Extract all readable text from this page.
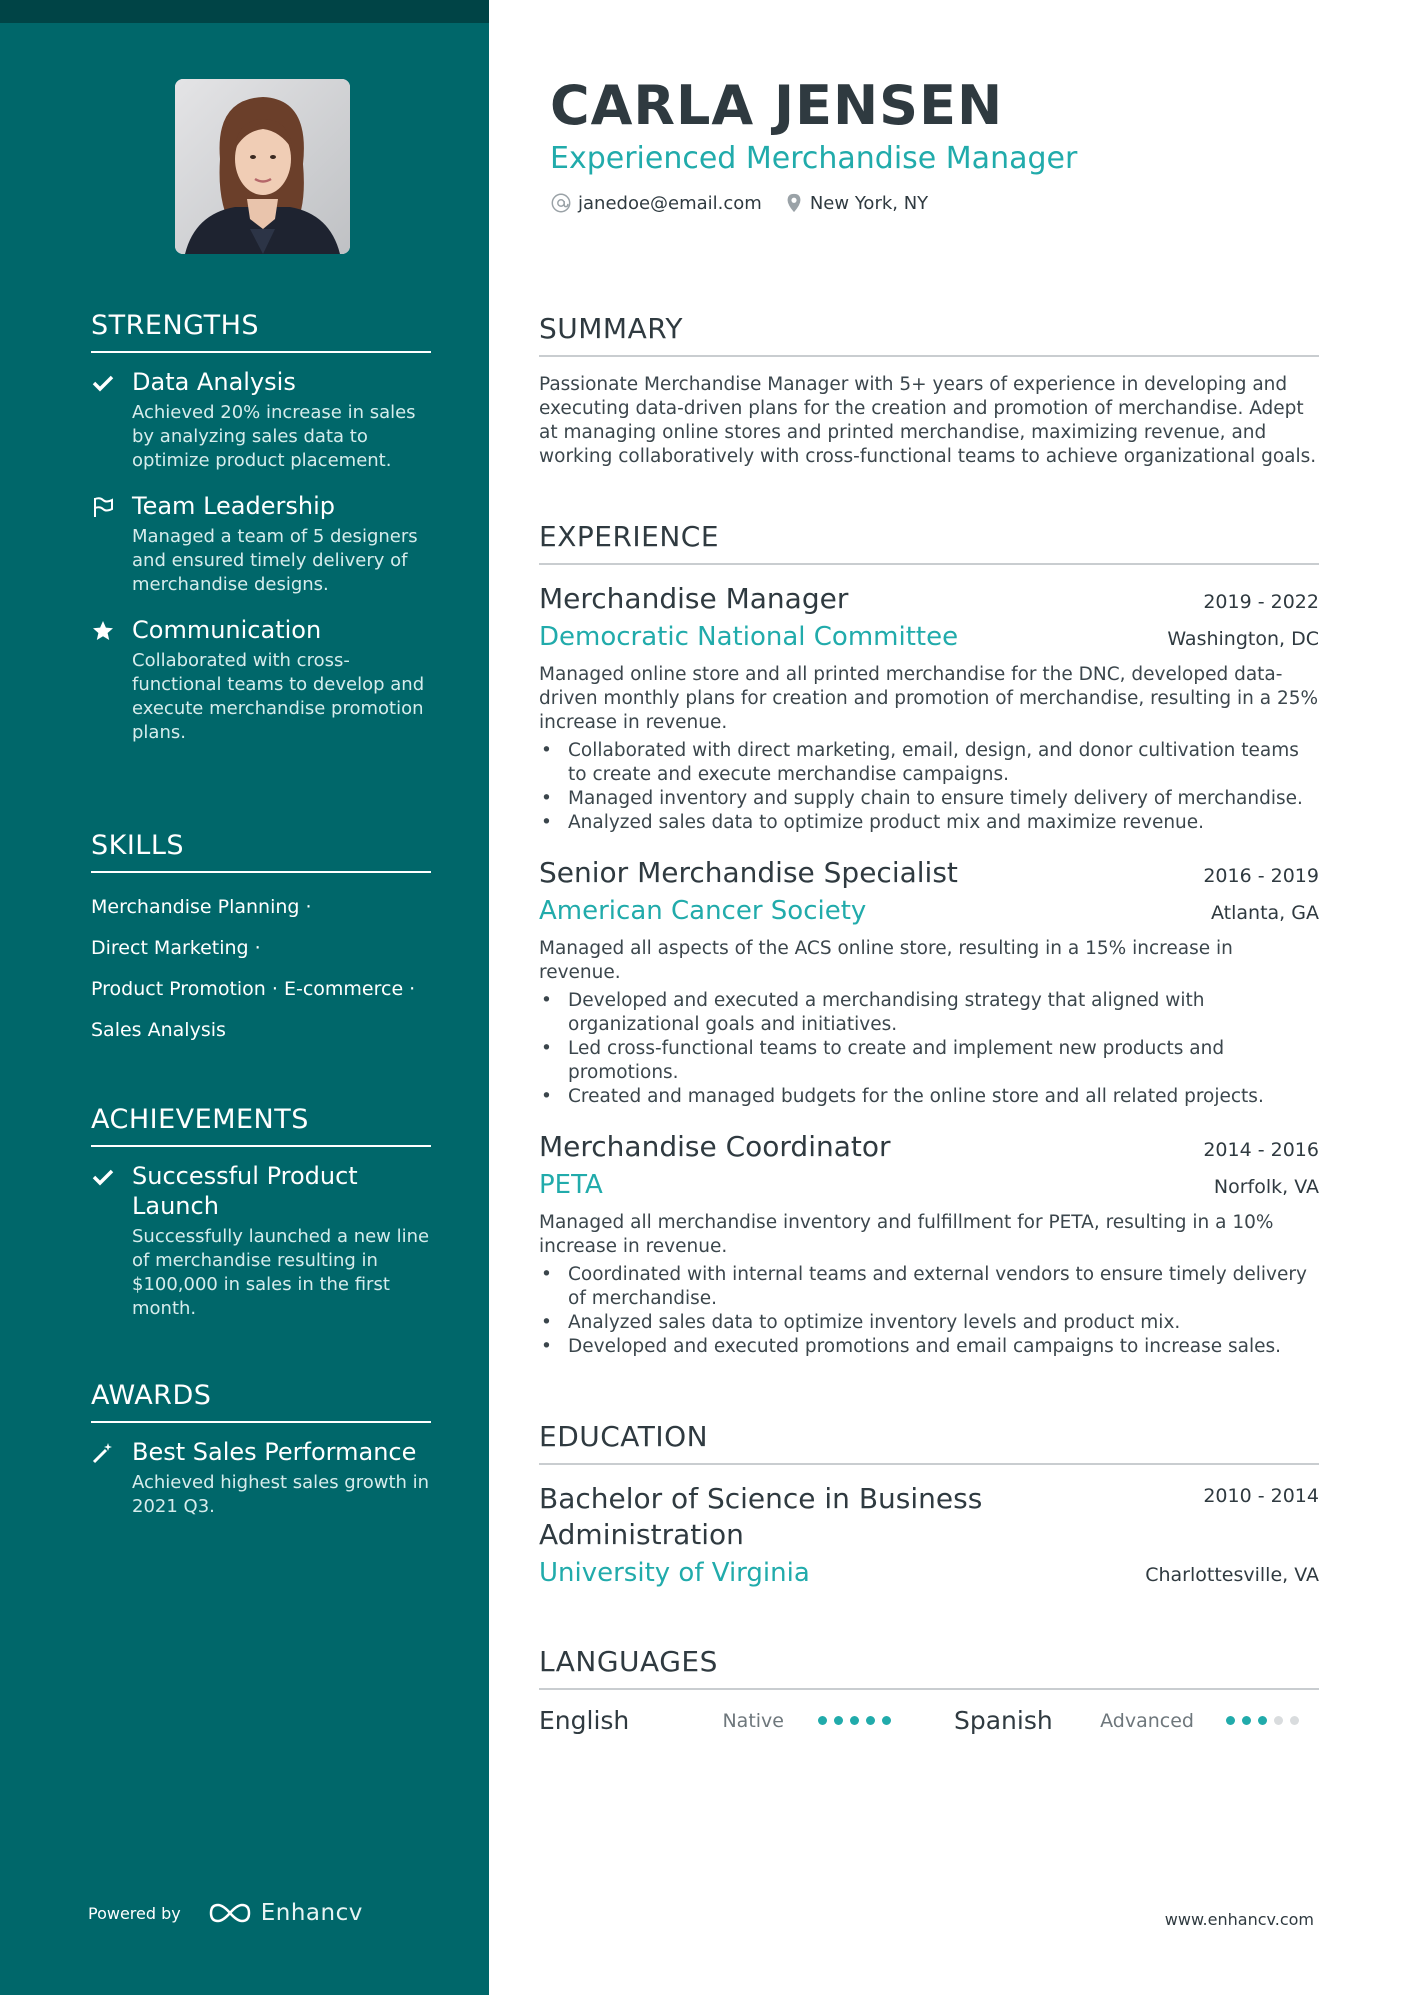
STRENGTHS
Data Analysis
Achieved 20% increase in sales by analyzing sales data to optimize product placement.
Team Leadership
Managed a team of 5 designers and ensured timely delivery of merchandise designs.
Communication
Collaborated with cross-functional teams to develop and execute merchandise promotion plans.
SKILLS
Merchandise Planning ·
Direct Marketing ·
Product Promotion · E-commerce ·
Sales Analysis
ACHIEVEMENTS
Successful Product Launch
Successfully launched a new line of merchandise resulting in $100,000 in sales in the first month.
AWARDS
Best Sales Performance
Achieved highest sales growth in 2021 Q3.
Powered by	Enhancv
CARLA JENSEN
Experienced Merchandise Manager
janedoe@email.com	New York, NY
SUMMARY
Passionate Merchandise Manager with 5+ years of experience in developing and executing data-driven plans for the creation and promotion of merchandise. Adept at managing online stores and printed merchandise, maximizing revenue, and working collaboratively with cross-functional teams to achieve organizational goals.
EXPERIENCE
Merchandise Manager	2019 - 2022
Democratic National Committee	Washington, DC
Managed online store and all printed merchandise for the DNC, developed data-driven monthly plans for creation and promotion of merchandise, resulting in a 25% increase in revenue.
• Collaborated with direct marketing, email, design, and donor cultivation teams to create and execute merchandise campaigns.
• Managed inventory and supply chain to ensure timely delivery of merchandise.
• Analyzed sales data to optimize product mix and maximize revenue.
Senior Merchandise Specialist	2016 - 2019
American Cancer Society	Atlanta, GA
Managed all aspects of the ACS online store, resulting in a 15% increase in revenue.
• Developed and executed a merchandising strategy that aligned with organizational goals and initiatives.
• Led cross-functional teams to create and implement new products and promotions.
• Created and managed budgets for the online store and all related projects.
Merchandise Coordinator	2014 - 2016
PETA	Norfolk, VA
Managed all merchandise inventory and fulfillment for PETA, resulting in a 10% increase in revenue.
• Coordinated with internal teams and external vendors to ensure timely delivery of merchandise.
• Analyzed sales data to optimize inventory levels and product mix.
• Developed and executed promotions and email campaigns to increase sales.
EDUCATION
Bachelor of Science in Business Administration
2010 - 2014
University of Virginia	Charlottesville, VA
LANGUAGES
English	Native	Spanish	Advanced
www.enhancv.com
